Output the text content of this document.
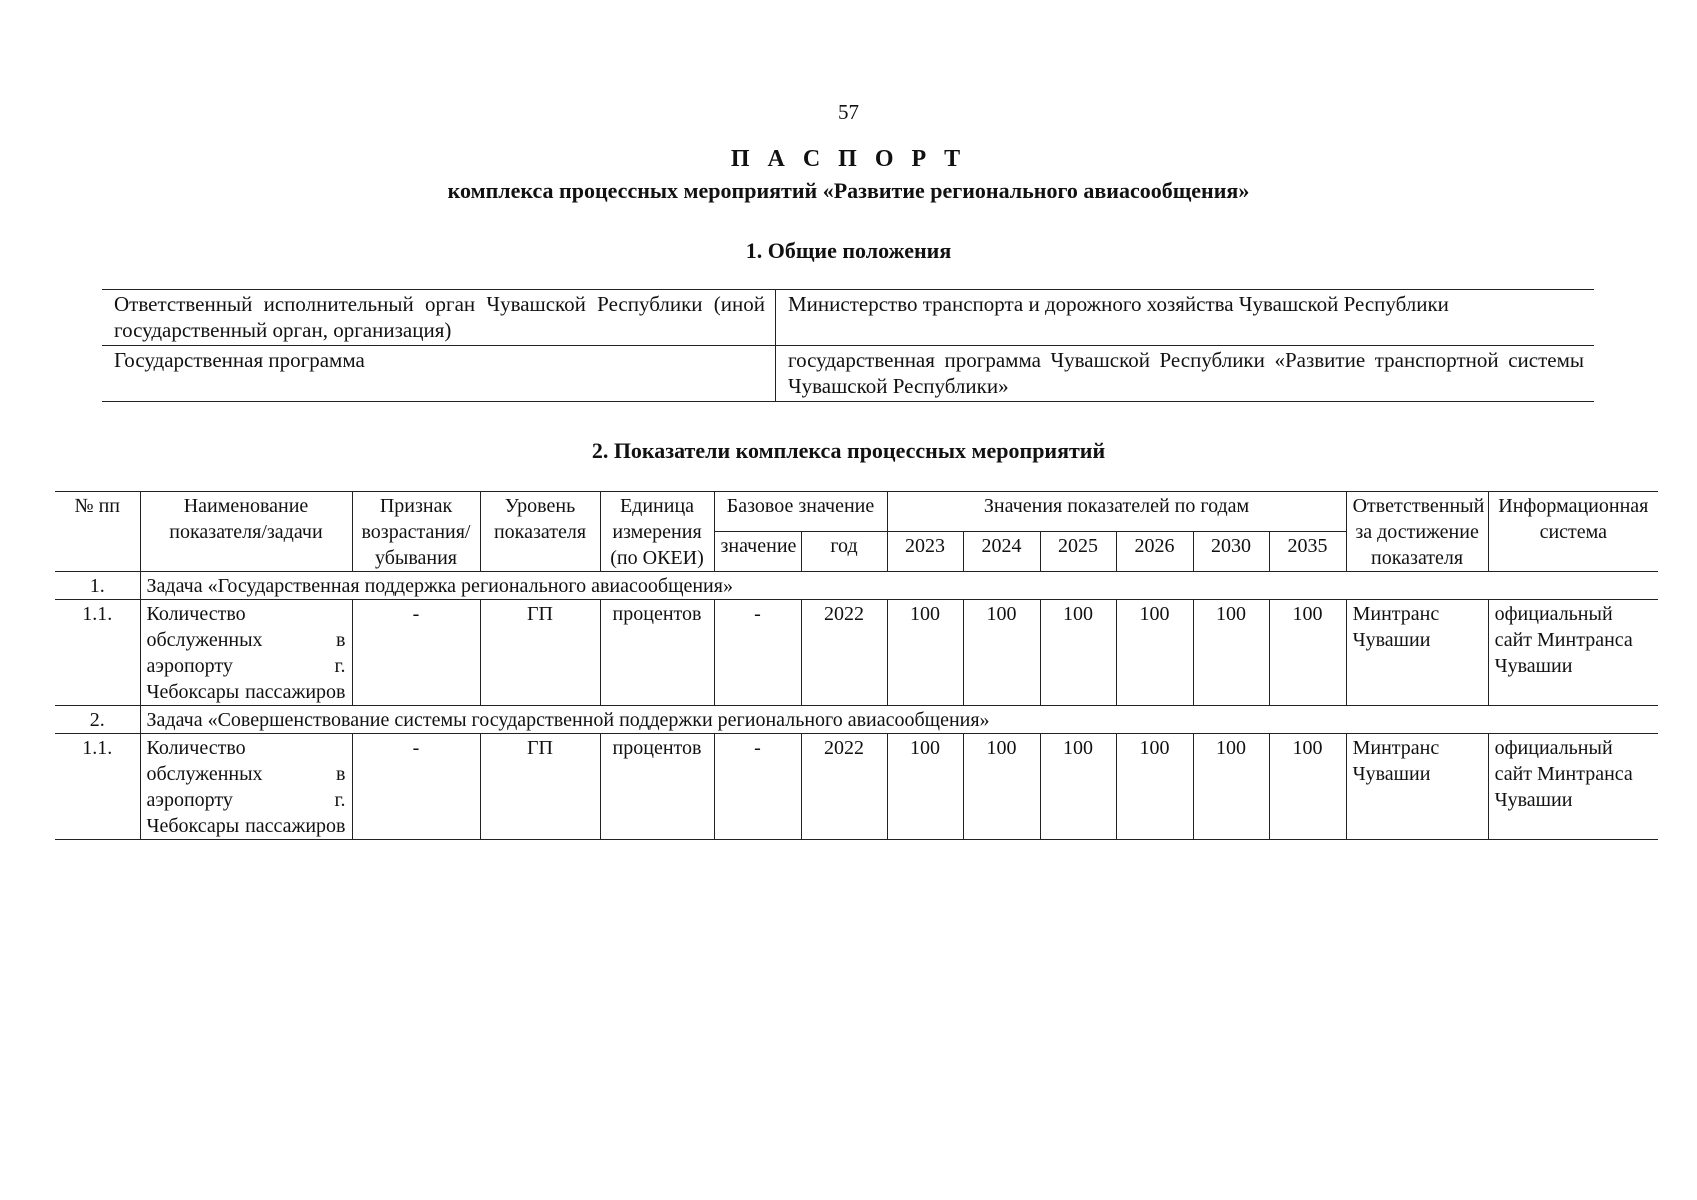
57
П А С П О Р Т
комплекса процессных мероприятий «Развитие регионального авиасообщения»
1. Общие положения
Ответственный исполнительный орган Чувашской Республики (иной государственный орган, организация)	Министерство транспорта и дорожного хозяйства Чувашской Республики
Государственная программа	государственная программа Чувашской Республики «Развитие транспортной системы Чувашской Республики»
2. Показатели комплекса процессных мероприятий
№ пп	Наименование показателя/задачи	Признак возрастания/убывания	Уровень показателя	Единица измерения (по ОКЕИ)	Базовое значение		Значения показателей по годам						Ответственный за достижение показателя	Информационная система
					значение	год	2023	2024	2025	2026	2030	2035		
1.	Задача «Государственная поддержка регионального авиасообщения»													
1.1.	Количество обслуженных в аэропорту г. Чебоксары пассажиров	-	ГП	процентов	-	2022	100	100	100	100	100	100	Минтранс Чувашии	официальный сайт Минтранса Чувашии
2.	Задача «Совершенствование системы государственной поддержки регионального авиасообщения»													
1.1.	Количество обслуженных в аэропорту г. Чебоксары пассажиров	-	ГП	процентов	-	2022	100	100	100	100	100	100	Минтранс Чувашии	официальный сайт Минтранса Чувашии
